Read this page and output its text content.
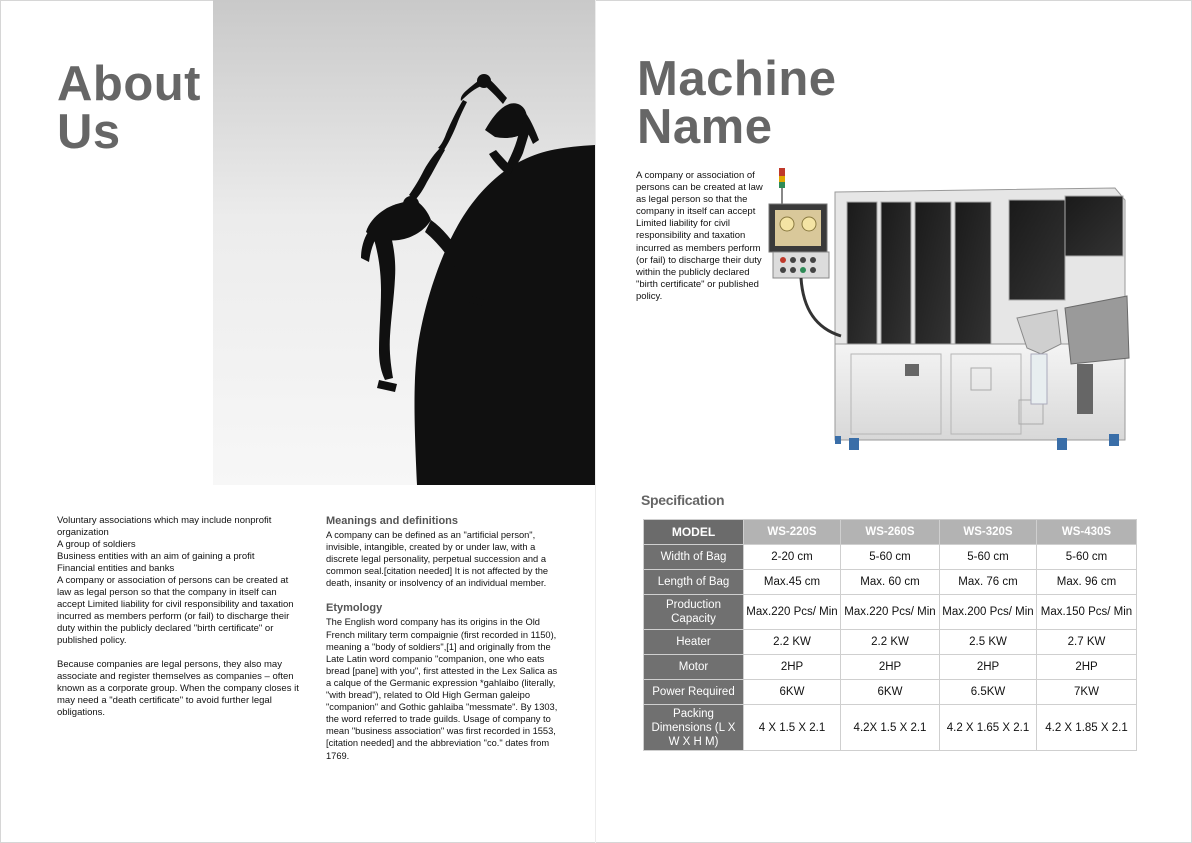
About
Us

Voluntary associations which may include nonprofit organization

A group of soldiers

Business entities with an aim of gaining a profit

Financial entities and banks

A company or association of persons can be created at law as legal person so that the company in itself can accept Limited liability for civil responsibility and taxation incurred as members perform (or fail) to discharge their duty within the publicly declared "birth certificate" or published policy.

Because companies are legal persons, they also may associate and register themselves as companies – often known as a corporate group. When the company closes it may need a "death certificate" to avoid further legal obligations.

Meanings and definitions

A company can be defined as an "artificial person", invisible, intangible, created by or under law, with a discrete legal personality, perpetual succession and a common seal.[citation needed] It is not affected by the death, insanity or insolvency of an individual member.

Etymology

The English word company has its origins in the Old French military term compaignie (first recorded in 1150), meaning a "body of soldiers",[1] and originally from the Late Latin word companio "companion, one who eats bread [pane] with you", first attested in the Lex Salica as a calque of the Germanic expression *gahlaibo (literally, "with bread"), related to Old High German galeipo "companion" and Gothic gahlaiba "messmate". By 1303, the word referred to trade guilds. Usage of company to mean "business association" was first recorded in 1553,[citation needed] and the abbreviation "co." dates from 1769.

Machine
Name

A company or association of persons can be created at law as legal person so that the company in itself can accept Limited liability for civil responsibility and taxation incurred as members perform (or fail) to discharge their duty within the publicly declared "birth certificate" or published policy.

Specification
MODEL	WS-220S	WS-260S	WS-320S	WS-430S
Width of Bag	2-20 cm	5-60 cm	5-60 cm	5-60 cm
Length of Bag	Max.45 cm	Max. 60 cm	Max. 76 cm	Max. 96 cm
Production Capacity	Max.220 Pcs/ Min	Max.220 Pcs/ Min	Max.200 Pcs/ Min	Max.150 Pcs/ Min
Heater	2.2 KW	2.2 KW	2.5 KW	2.7 KW
Motor	2HP	2HP	2HP	2HP
Power Required	6KW	6KW	6.5KW	7KW
Packing Dimensions (L X W X H M)	4 X 1.5 X 2.1	4.2X 1.5 X 2.1	4.2 X 1.65 X 2.1	4.2 X 1.85 X 2.1
